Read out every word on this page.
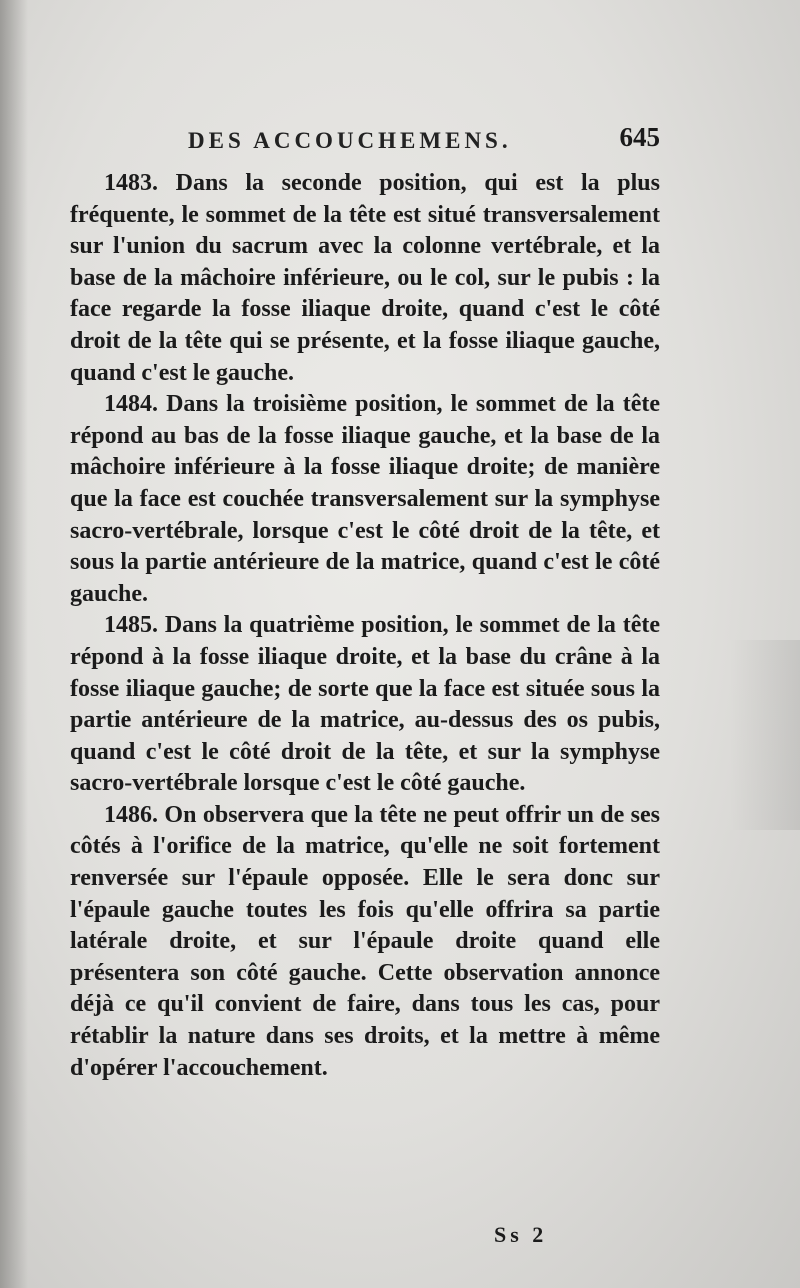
DES ACCOUCHEMENS.	645

1483. Dans la seconde position, qui est la plus fréquente, le sommet de la tête est situé transversalement sur l'union du sacrum avec la colonne vertébrale, et la base de la mâchoire inférieure, ou le col, sur le pubis : la face regarde la fosse iliaque droite, quand c'est le côté droit de la tête qui se présente, et la fosse iliaque gauche, quand c'est le gauche.

1484. Dans la troisième position, le sommet de la tête répond au bas de la fosse iliaque gauche, et la base de la mâchoire inférieure à la fosse iliaque droite; de manière que la face est couchée transversalement sur la symphyse sacro-vertébrale, lorsque c'est le côté droit de la tête, et sous la partie antérieure de la matrice, quand c'est le côté gauche.

1485. Dans la quatrième position, le sommet de la tête répond à la fosse iliaque droite, et la base du crâne à la fosse iliaque gauche; de sorte que la face est située sous la partie antérieure de la matrice, au-dessus des os pubis, quand c'est le côté droit de la tête, et sur la symphyse sacro-vertébrale lorsque c'est le côté gauche.

1486. On observera que la tête ne peut offrir un de ses côtés à l'orifice de la matrice, qu'elle ne soit fortement renversée sur l'épaule opposée. Elle le sera donc sur l'épaule gauche toutes les fois qu'elle offrira sa partie latérale droite, et sur l'épaule droite quand elle présentera son côté gauche. Cette observation annonce déjà ce qu'il convient de faire, dans tous les cas, pour rétablir la nature dans ses droits, et la mettre à même d'opérer l'accouchement.

Ss 2
